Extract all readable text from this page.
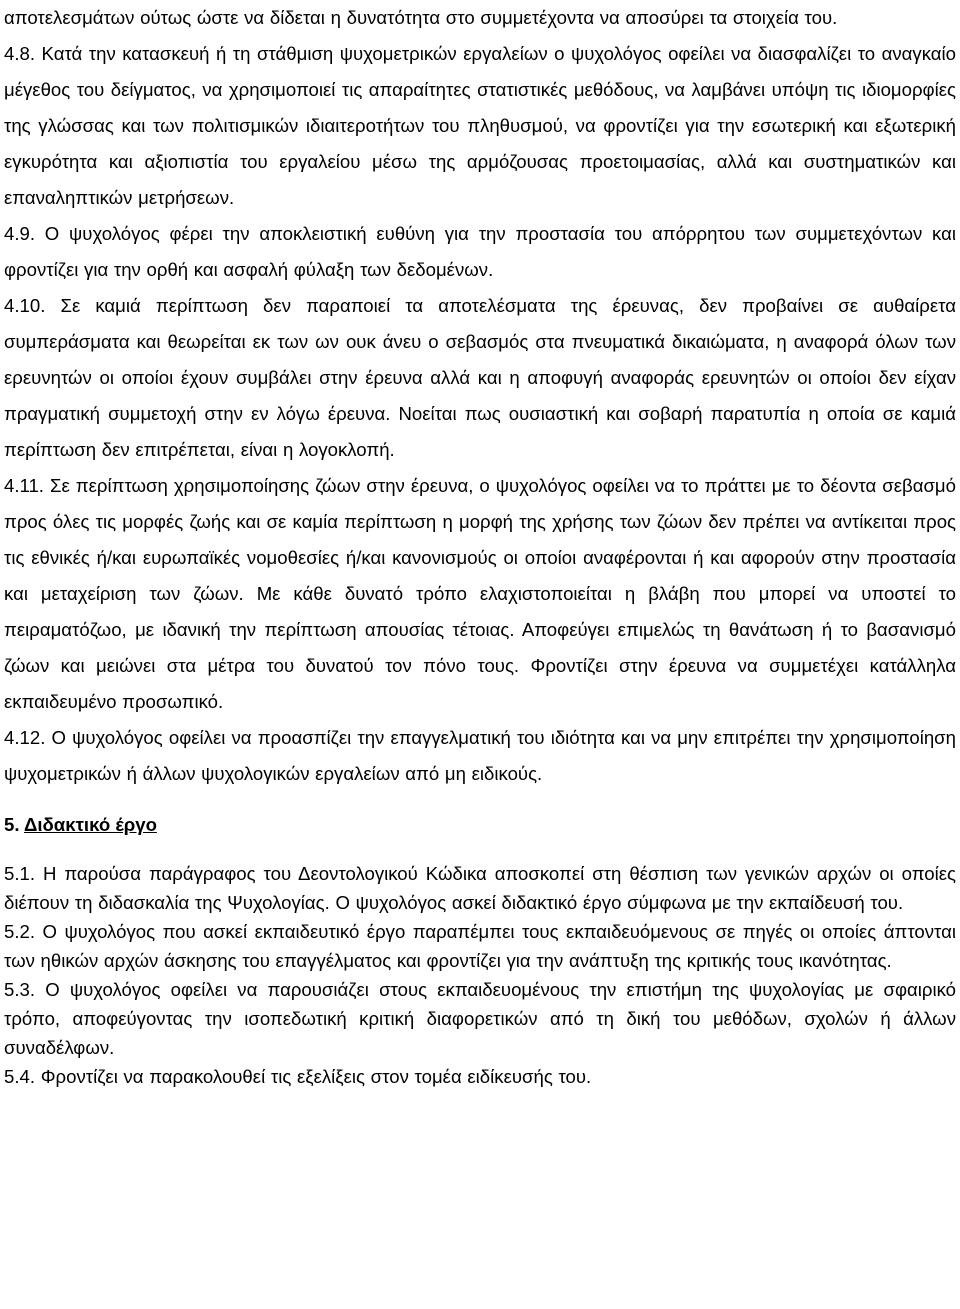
αποτελεσμάτων ούτως ώστε να δίδεται η δυνατότητα στο συμμετέχοντα να αποσύρει τα στοιχεία του.

4.8. Κατά την κατασκευή ή τη στάθμιση ψυχομετρικών εργαλείων ο ψυχολόγος οφείλει να διασφαλίζει το αναγκαίο μέγεθος του δείγματος, να χρησιμοποιεί τις απαραίτητες στατιστικές μεθόδους, να λαμβάνει υπόψη τις ιδιομορφίες της γλώσσας και των πολιτισμικών ιδιαιτεροτήτων του πληθυσμού, να φροντίζει για την εσωτερική και εξωτερική εγκυρότητα και αξιοπιστία του εργαλείου μέσω της αρμόζουσας προετοιμασίας, αλλά και συστηματικών και επαναληπτικών μετρήσεων.

4.9. Ο ψυχολόγος φέρει την αποκλειστική ευθύνη για την προστασία του απόρρητου των συμμετεχόντων και φροντίζει για την ορθή και ασφαλή φύλαξη των δεδομένων.

4.10. Σε καμιά περίπτωση δεν παραποιεί τα αποτελέσματα της έρευνας, δεν προβαίνει σε αυθαίρετα συμπεράσματα και θεωρείται εκ των ων ουκ άνευ ο σεβασμός στα πνευματικά δικαιώματα, η αναφορά όλων των ερευνητών οι οποίοι έχουν συμβάλει στην έρευνα αλλά και η αποφυγή αναφοράς ερευνητών οι οποίοι δεν είχαν πραγματική συμμετοχή στην εν λόγω έρευνα. Νοείται πως ουσιαστική και σοβαρή παρατυπία η οποία σε καμιά περίπτωση δεν επιτρέπεται, είναι η λογοκλοπή.

4.11. Σε περίπτωση χρησιμοποίησης ζώων στην έρευνα, ο ψυχολόγος οφείλει να το πράττει με το δέοντα σεβασμό προς όλες τις μορφές ζωής και σε καμία περίπτωση η μορφή της χρήσης των ζώων δεν πρέπει να αντίκειται προς τις εθνικές ή/και ευρωπαϊκές νομοθεσίες ή/και κανονισμούς οι οποίοι αναφέρονται ή και αφορούν στην προστασία και μεταχείριση των ζώων. Με κάθε δυνατό τρόπο ελαχιστοποιείται η βλάβη που μπορεί να υποστεί το πειραματόζωο, με ιδανική την περίπτωση απουσίας τέτοιας. Αποφεύγει επιμελώς τη θανάτωση ή το βασανισμό ζώων και μειώνει στα μέτρα του δυνατού τον πόνο τους. Φροντίζει στην έρευνα να συμμετέχει κατάλληλα εκπαιδευμένο προσωπικό.

4.12. Ο ψυχολόγος οφείλει να προασπίζει την επαγγελματική του ιδιότητα και να μην επιτρέπει την χρησιμοποίηση ψυχομετρικών ή άλλων ψυχολογικών εργαλείων από μη ειδικούς.

5. Διδακτικό έργο

5.1. Η παρούσα παράγραφος του Δεοντολογικού Κώδικα αποσκοπεί στη θέσπιση των γενικών αρχών οι οποίες διέπουν τη διδασκαλία της Ψυχολογίας. Ο ψυχολόγος ασκεί διδακτικό έργο σύμφωνα με την εκπαίδευσή του.

5.2. Ο ψυχολόγος που ασκεί εκπαιδευτικό έργο παραπέμπει τους εκπαιδευόμενους σε πηγές οι οποίες άπτονται των ηθικών αρχών άσκησης του επαγγέλματος και φροντίζει για την ανάπτυξη της κριτικής τους ικανότητας.

5.3. Ο ψυχολόγος οφείλει να παρουσιάζει στους εκπαιδευομένους την επιστήμη της ψυχολογίας με σφαιρικό τρόπο, αποφεύγοντας την ισοπεδωτική κριτική διαφορετικών από τη δική του μεθόδων, σχολών ή άλλων συναδέλφων.

5.4. Φροντίζει να παρακολουθεί τις εξελίξεις στον τομέα ειδίκευσής του.
